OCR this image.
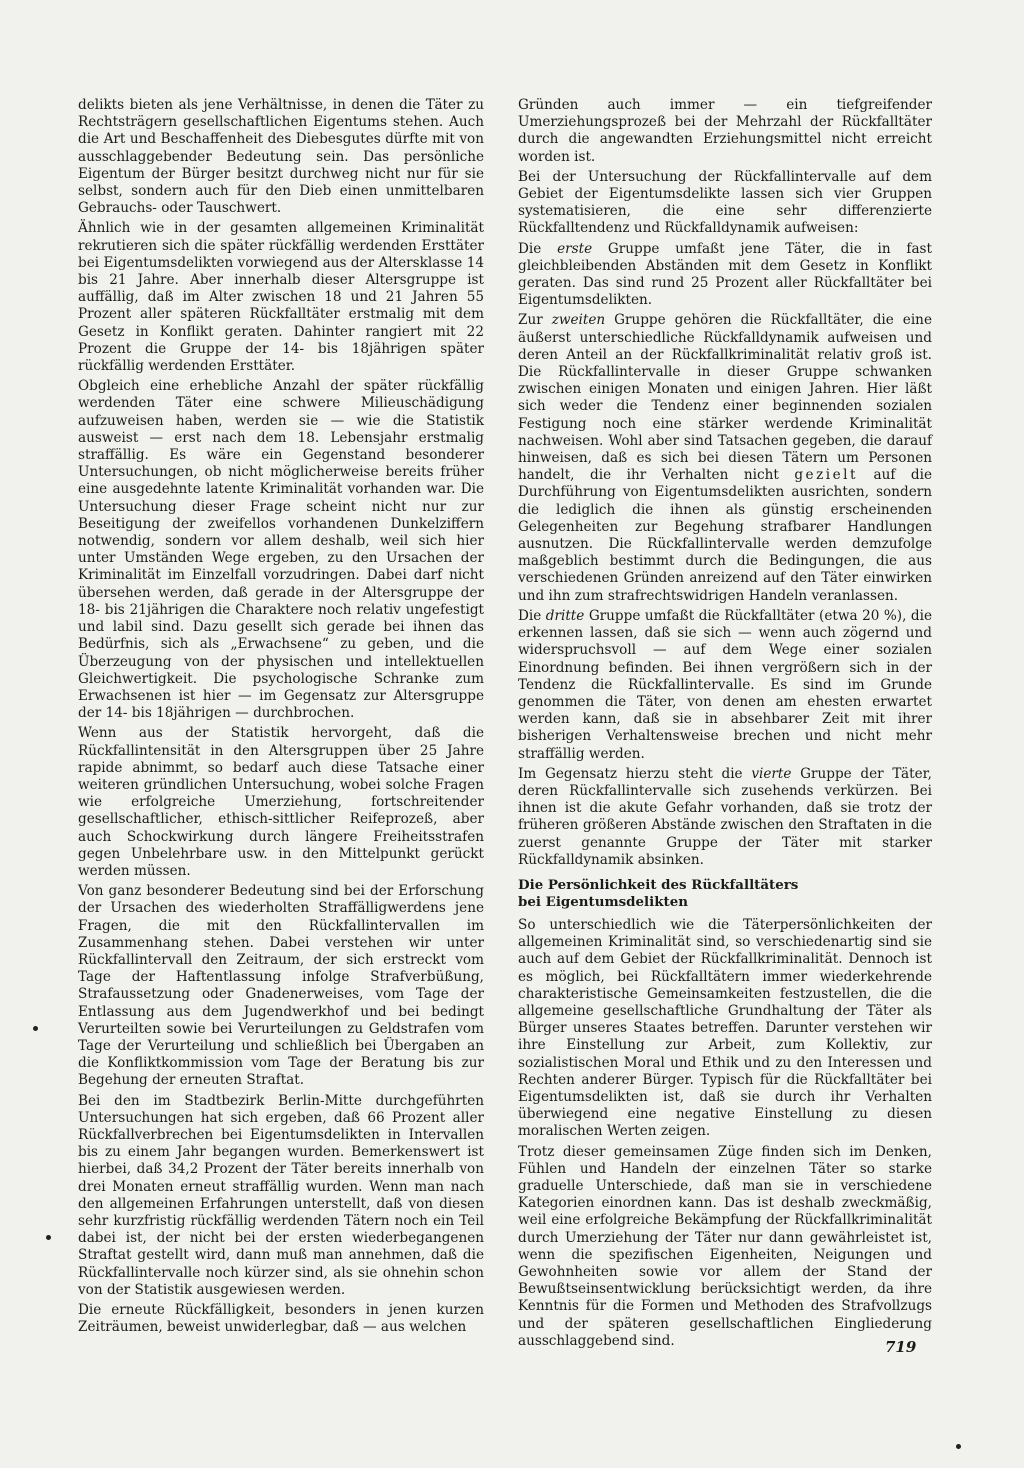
delikts bieten als jene Verhältnisse, in denen die Täter zu Rechtsträgern gesellschaftlichen Eigentums stehen. Auch die Art und Beschaffenheit des Diebesgutes dürfte mit von ausschlaggebender Bedeutung sein. Das persönliche Eigentum der Bürger besitzt durchweg nicht nur für sie selbst, sondern auch für den Dieb einen unmittelbaren Gebrauchs- oder Tauschwert.

Ähnlich wie in der gesamten allgemeinen Kriminalität rekrutieren sich die später rückfällig werdenden Ersttäter bei Eigentumsdelikten vorwiegend aus der Altersklasse 14 bis 21 Jahre. Aber innerhalb dieser Altersgruppe ist auffällig, daß im Alter zwischen 18 und 21 Jahren 55 Prozent aller späteren Rückfalltäter erstmalig mit dem Gesetz in Konflikt geraten. Dahinter rangiert mit 22 Prozent die Gruppe der 14- bis 18jährigen später rückfällig werdenden Ersttäter.

Obgleich eine erhebliche Anzahl der später rückfällig werdenden Täter eine schwere Milieuschädigung aufzuweisen haben, werden sie — wie die Statistik ausweist — erst nach dem 18. Lebensjahr erstmalig straffällig. Es wäre ein Gegenstand besonderer Untersuchungen, ob nicht möglicherweise bereits früher eine ausgedehnte latente Kriminalität vorhanden war. Die Untersuchung dieser Frage scheint nicht nur zur Beseitigung der zweifellos vorhandenen Dunkelziffern notwendig, sondern vor allem deshalb, weil sich hier unter Umständen Wege ergeben, zu den Ursachen der Kriminalität im Einzelfall vorzudringen. Dabei darf nicht übersehen werden, daß gerade in der Altersgruppe der 18- bis 21jährigen die Charaktere noch relativ ungefestigt und labil sind. Dazu gesellt sich gerade bei ihnen das Bedürfnis, sich als „Erwachsene“ zu geben, und die Überzeugung von der physischen und intellektuellen Gleichwertigkeit. Die psychologische Schranke zum Erwachsenen ist hier — im Gegensatz zur Altersgruppe der 14- bis 18jährigen — durchbrochen.

Wenn aus der Statistik hervorgeht, daß die Rückfallintensität in den Altersgruppen über 25 Jahre rapide abnimmt, so bedarf auch diese Tatsache einer weiteren gründlichen Untersuchung, wobei solche Fragen wie erfolgreiche Umerziehung, fortschreitender gesellschaftlicher, ethisch-sittlicher Reifeprozeß, aber auch Schockwirkung durch längere Freiheitsstrafen gegen Unbelehrbare usw. in den Mittelpunkt gerückt werden müssen.

Von ganz besonderer Bedeutung sind bei der Erforschung der Ursachen des wiederholten Straffälligwerdens jene Fragen, die mit den Rückfallintervallen im Zusammenhang stehen. Dabei verstehen wir unter Rückfallintervall den Zeitraum, der sich erstreckt vom Tage der Haftentlassung infolge Strafverbüßung, Strafaussetzung oder Gnadenerweises, vom Tage der Entlassung aus dem Jugendwerkhof und bei bedingt Verurteilten sowie bei Verurteilungen zu Geldstrafen vom Tage der Verurteilung und schließlich bei Übergaben an die Konfliktkommission vom Tage der Beratung bis zur Begehung der erneuten Straftat.

Bei den im Stadtbezirk Berlin-Mitte durchgeführten Untersuchungen hat sich ergeben, daß 66 Prozent aller Rückfallverbrechen bei Eigentumsdelikten in Intervallen bis zu einem Jahr begangen wurden. Bemerkenswert ist hierbei, daß 34,2 Prozent der Täter bereits innerhalb von drei Monaten erneut straffällig wurden. Wenn man nach den allgemeinen Erfahrungen unterstellt, daß von diesen sehr kurzfristig rückfällig werdenden Tätern noch ein Teil dabei ist, der nicht bei der ersten wiederbegangenen Straftat gestellt wird, dann muß man annehmen, daß die Rückfallintervalle noch kürzer sind, als sie ohnehin schon von der Statistik ausgewiesen werden.

Die erneute Rückfälligkeit, besonders in jenen kurzen Zeiträumen, beweist unwiderlegbar, daß — aus welchen

Gründen auch immer — ein tiefgreifender Umerziehungsprozeß bei der Mehrzahl der Rückfalltäter durch die angewandten Erziehungsmittel nicht erreicht worden ist.

Bei der Untersuchung der Rückfallintervalle auf dem Gebiet der Eigentumsdelikte lassen sich vier Gruppen systematisieren, die eine sehr differenzierte Rückfalltendenz und Rückfalldynamik aufweisen:

Die erste Gruppe umfaßt jene Täter, die in fast gleichbleibenden Abständen mit dem Gesetz in Konflikt geraten. Das sind rund 25 Prozent aller Rückfalltäter bei Eigentumsdelikten.

Zur zweiten Gruppe gehören die Rückfalltäter, die eine äußerst unterschiedliche Rückfalldynamik aufweisen und deren Anteil an der Rückfallkriminalität relativ groß ist. Die Rückfallintervalle in dieser Gruppe schwanken zwischen einigen Monaten und einigen Jahren. Hier läßt sich weder die Tendenz einer beginnenden sozialen Festigung noch eine stärker werdende Kriminalität nachweisen. Wohl aber sind Tatsachen gegeben, die darauf hinweisen, daß es sich bei diesen Tätern um Personen handelt, die ihr Verhalten nicht gezielt auf die Durchführung von Eigentumsdelikten ausrichten, sondern die lediglich die ihnen als günstig erscheinenden Gelegenheiten zur Begehung strafbarer Handlungen ausnutzen. Die Rückfallintervalle werden demzufolge maßgeblich bestimmt durch die Bedingungen, die aus verschiedenen Gründen anreizend auf den Täter einwirken und ihn zum strafrechtswidrigen Handeln veranlassen.

Die dritte Gruppe umfaßt die Rückfalltäter (etwa 20 %), die erkennen lassen, daß sie sich — wenn auch zögernd und widerspruchsvoll — auf dem Wege einer sozialen Einordnung befinden. Bei ihnen vergrößern sich in der Tendenz die Rückfallintervalle. Es sind im Grunde genommen die Täter, von denen am ehesten erwartet werden kann, daß sie in absehbarer Zeit mit ihrer bisherigen Verhaltensweise brechen und nicht mehr straffällig werden.

Im Gegensatz hierzu steht die vierte Gruppe der Täter, deren Rückfallintervalle sich zusehends verkürzen. Bei ihnen ist die akute Gefahr vorhanden, daß sie trotz der früheren größeren Abstände zwischen den Straftaten in die zuerst genannte Gruppe der Täter mit starker Rückfalldynamik absinken.

Die Persönlichkeit des Rückfalltäters
bei Eigentumsdelikten

So unterschiedlich wie die Täterpersönlichkeiten der allgemeinen Kriminalität sind, so verschiedenartig sind sie auch auf dem Gebiet der Rückfallkriminalität. Dennoch ist es möglich, bei Rückfalltätern immer wiederkehrende charakteristische Gemeinsamkeiten festzustellen, die die allgemeine gesellschaftliche Grundhaltung der Täter als Bürger unseres Staates betreffen. Darunter verstehen wir ihre Einstellung zur Arbeit, zum Kollektiv, zur sozialistischen Moral und Ethik und zu den Interessen und Rechten anderer Bürger. Typisch für die Rückfalltäter bei Eigentumsdelikten ist, daß sie durch ihr Verhalten überwiegend eine negative Einstellung zu diesen moralischen Werten zeigen.

Trotz dieser gemeinsamen Züge finden sich im Denken, Fühlen und Handeln der einzelnen Täter so starke graduelle Unterschiede, daß man sie in verschiedene Kategorien einordnen kann. Das ist deshalb zweckmäßig, weil eine erfolgreiche Bekämpfung der Rückfallkriminalität durch Umerziehung der Täter nur dann gewährleistet ist, wenn die spezifischen Eigenheiten, Neigungen und Gewohnheiten sowie vor allem der Stand der Bewußtseinsentwicklung berücksichtigt werden, da ihre Kenntnis für die Formen und Methoden des Strafvollzugs und der späteren gesellschaftlichen Eingliederung ausschlaggebend sind.	719
